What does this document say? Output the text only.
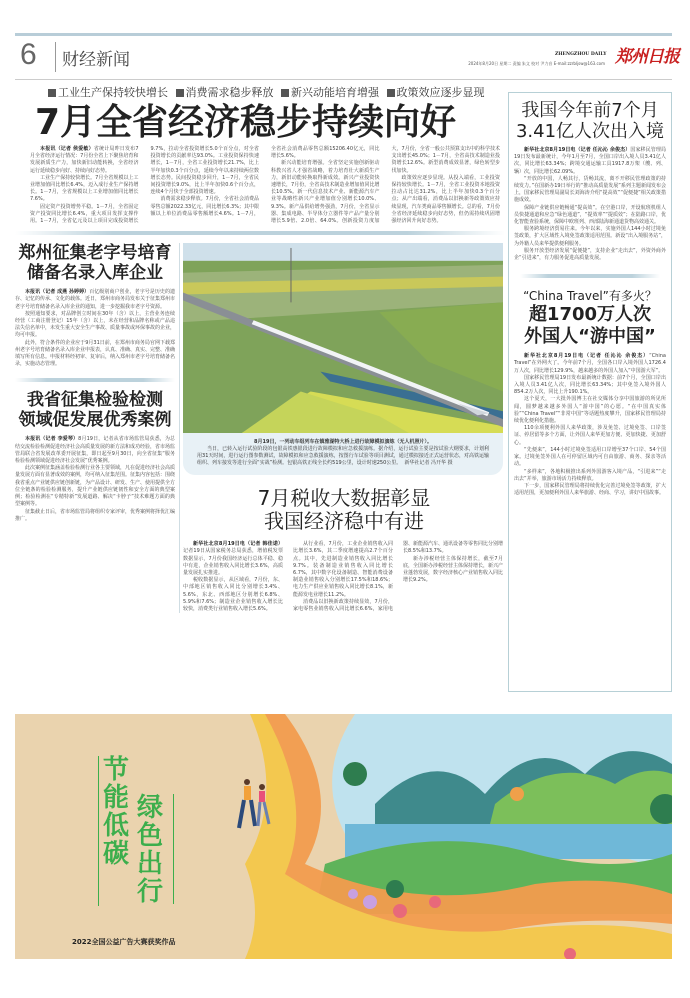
6 财经新闻	ZHENGZHOU DAILY
2024年8月20日 星期二 责编 朱文 校对 尹力音 E-mail:zzrbljsw@163.com 郑州日报
工业生产保持较快增长 消费需求稳步释放 新兴动能培育增强 政策效应逐步显现
7月全省经济稳步持续向好

本报讯（记者 侯爱敏）省统计局昨日发布7月全省经济运行情况：7月份全省上下聚焦培育和发展新质生产力，加快新旧动能转换，全省经济运行延续稳步向好、持续向好态势。

工业生产保持较快增长。7月全省规模以上工业增加值同比增长6.4%，迈入成行业生产保持增长。1－7月，全省规模以上工业增加值同比增长7.6%。

固定资产投资增势平稳。1－7月，全省固定资产投资同比增长6.4%，重大项目发挥支撑作用。1－7月，全省亿元及以上项目完成投资增长9.7%，拉动全省投资增长5.0个百分点，对全省投资增长的贡献率达93.0%。工业投资保持快速增长，1－7月，全省工业投资增长21.7%，比上半年加快0.3个百分点，延续今年以来持续两位数增长态势。民间投资稳步回升，1－7月，全省民间投资增长9.0%，比上半年加快0.6个百分点，连续4个月快于全部投资增速。

消费需求稳步释放。7月份，全省社会消费品零售总额2022.33亿元，同比增长6.3%；其中限额以上单位消费品零售额增长4.6%。1－7月，全省社会消费品零售总额15206.40亿元，同比增长5.6%。

新兴动能培育增强。全省坚定实施创新驱动科教兴省人才强省战略，着力培育壮大新质生产力，新旧动能转换取得新成效。新兴产业投资快速增长，7月份，全省高技术制造业增加值同比增长10.5%。新一代信息技术产业、新能源汽车产业等战略性新兴产业增加值分别增长10.0%、9.3%。新产品供给增势强劲，7月份，全省显示器、集成电路、半导体分立器件等产品产量分别增长5.9倍、2.0倍、64.0%。创新投资力度加大，7月份，全省一般公共预算支出中的科学技术支出增长45.0%；1－7月，全省高技术制造业投资增长12.6%。新型消费成效显著，绿色转型步伐加快。

政策效应逐步显现。从投入端看，工业投资保持较快增长。1－7月，全省工业投资本地投资拉动占比达31.2%，比上半年加快0.3个百分点；从产出端看，消费品以旧换新等政策效应持续显现，汽车类商品零售额增长。总的看，7月份全省经济延续稳步向好态势，但仍需持续巩固增强经济回升向好态势。

郑州征集老字号培育
储备名录入库企业

本报讯（记者 成燕 孙婷婷）百亿级别商户创业，老字号是历史的遗存、记忆的传承、文化的载体。近日，郑州市商务局发布关于征集郑州市老字号培育储备名录入库企业的通知，进一步挖掘我市老字号资源。

按照通知要求，对品牌创立时间在30年（含）以上，主营业务连续经营（工商注册登记）15年（含）以上，未在经营和品牌名称或产品违法失信名单中，未发生重大安全生产事故、质量事故或环保事故的企业，均可申报。

此外，符合条件的企业应于9月31日前，在郑州市商务局官网下载郑州老字号培育储备名录入库企业申报表，认真、准确、真实、完整、准确填写所有信息。申报材料经初审、复审后，纳入郑州市老字号培育储备名录，实施动态管理。

我省征集检验检测
领域促发展优秀案例

本报讯（记者 李爱琴）8月19日，记者从省市场监管局获悉，为总结交流检验检测促进经济社会高质量发展的新方法和成功经验，省市场监管局联合省发展改革委开展征集，即日起至9月30日，向全省征集“服务检验检测领域促进经济社会发展”优秀案例。

此次案例征集涵盖检验检测行业各主要领域，凡在促进经济社会高质量发展方面有显著成效的案例，均可纳入征集范围。征集内容包括：围绕我省重点产业链供应链创新链，为产品设计、研发、生产、使用提供全方位全链条的检验检测服务，提升产业链供应链韧性和安全方面的典型案例；检验检测在“专精特新”发展道路、解决“卡脖子”技术难题方面的典型案例等。

征集截止日后，省市场监管局将组织专家评审，优秀案例将择优汇编推广。

8月19日，一列动车组列车在镇雅湖特大桥上进行故障模拟演练（无人机照片）。
当日，已转入运行试验阶段的包银高铁惠银段进行故障模拟和应急救援演练。据介绍，运行试验主要是按试验大纲要求，计划利用31天时间，进行运行图参数测试，故障模拟和应急救援演练，按图行车试验等项目测试，通过模拟接近正式运营状态，对高铁运输组织、列车接发等进行全面“实战”检测。包银高铁正线全长约519公里，设计时速250公里。 新华社记者 冯开华 摄
7月税收大数据彰显
我国经济稳中有进

新华社北京8月19日电（记者 韩佳诺）记者19日从国家税务总局获悉，增值税发票数据显示，7月份我国经济运行总体平稳、稳中有进，企业销售收入同比增长3.6%，高质量发展扎实推进。

税收数据显示，从区域看，7月份，东、中部地区销售收入同比分别增长3.4%、5.6%，东北、西部地区分别增长6.8%、5.9%和7.6%；制造业企业销售收入增长比较快，消费类行业销售收入增长5.6%。

从行业看，7月份，工业企业销售收入同比增长3.6%，其二季度增速提高2.7个百分点。其中，先进制造业销售收入同比增长9.7%。装备制造业销售收入同比增长6.7%，其中数字化设备制造、智能消费设备制造业销售收入分别增长17.5%和18.6%；电力生产供应业销售收入同比增长8.1%，新能源发电业增长11.2%。

消费品以旧换新政策持续显效，7月份，家电零售业销售收入同比增长6.6%，家用电器、新能源汽车、通讯设备等零售同比分别增长8.5%和13.7%。

新办涉税经营主体保持增长，截至7月底，全国新办涉税经营主体保持增长，新兴产业蓬勃发展，数字经济核心产业销售收入同比增长9.2%。

我国今年前7个月
3.41亿人次出入境

新华社北京8月19日电（记者 任沁沁 余俊杰）国家移民管理局19日发布最新统计，今年1月至7月，全国口岸出入境人员3.41亿人次，同比增长63.34%；跨境交通运输工具1917.8万架（艘、列、辆）次，同比增长62.09%。

“开放的中国，人畅其行，货畅其流，离不开移民管理政策的持续发力。”在国新办19日举行的“推动高质量发展”系列主题新闻发布会上，国家移民管理局副局长刘海涛介绍“提高效”“促便捷”相关政策措施成效。

保障产业链供应链畅通“提高效”。在空港口岸，开设航班机组人员快捷通道和应急“绿色通道”，“提效率”“提质效”；在陆路口岸，优化智能查验系统，保障中欧班列、西部陆海新通道货物高效通关。

服务跨境经济贸易往来。今年以来，实施外国人144小时过境免签政策，扩大区域性入境免签政策适用范围。新设“出入境服务站”，为外籍人员来华提供便利服务。

服务开放型经济发展“促便捷”，支持企业“走出去”，外资外商外企“引进来”，有力服务促进高质量发展。

“China Travel”有多火？
超1700万人次
外国人“游中国”

新华社北京8月19日电（记者 任沁沁 余俊杰）“China Travel”在外网火了。今年前7个月，全国各口岸入境外国人1726.4万人次，同比增长129.9%，越来越多的外国人加入“中国游大军”。

国家移民管理局19日发布最新统计数据：前7个月，全国口岸出入境人员3.41亿人次，同比增长63.34%；其中免签入境外国人854.2万人次，同比上升190.1%。

这个夏天，一大批外国博主在社交媒体分享中国旅游的所见所闻，圆梦越来越多外国人“游中国”的心愿。“在中国真实体验”“China Travel”“非常中国”等话题热度攀升，国家移民管理局持续优化便利化措施。

110余项便利外国人来华政策，涉及免签、过境免签、口岸签证、停居留等多个方面，让外国人来华更加方便、更加快捷、更加舒心。

“先便来”，144小时过境免签适用口岸增至37个口岸、54个国家。过境免签外国人在可停留区域内可自由旅游、商务、探亲等活动。

“多样来”，各地积极推出系列外国游客入境产品，“引进来”“走出去”并举，旅游市场活力持续释放。

下一步，国家移民管理局将持续优化完善过境免签等政策，扩大适用范围，更加便利外国人来华旅游、经商、学习，讲好中国故事。

节能低碳
绿色出行
2022全国公益广告大赛获奖作品
